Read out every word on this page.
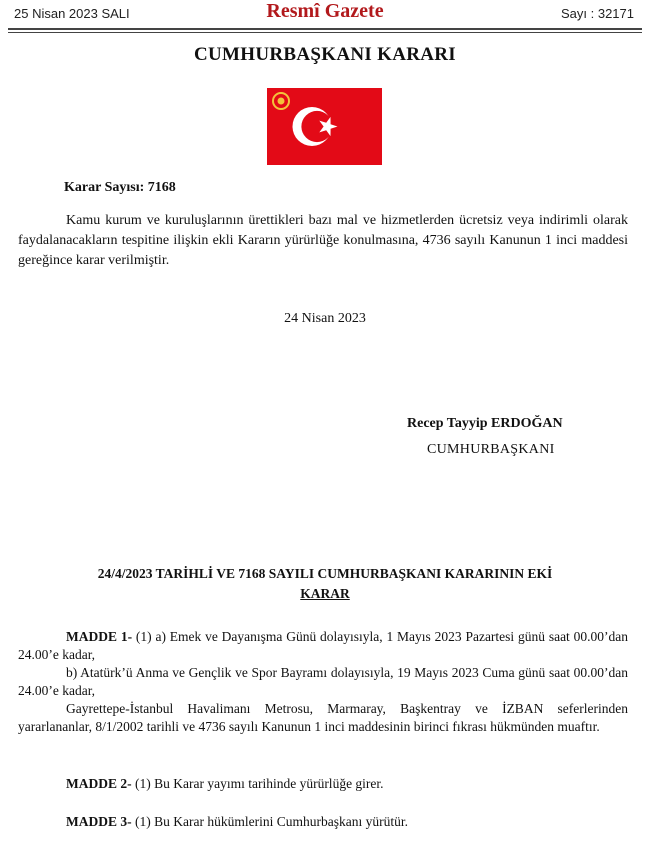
25 Nisan 2023 SALI	Resmî Gazete	Sayı : 32171
CUMHURBAŞKANI KARARI
Karar Sayısı: 7168
Kamu kurum ve kuruluşlarının ürettikleri bazı mal ve hizmetlerden ücretsiz veya indirimli olarak faydalanacakların tespitine ilişkin ekli Kararın yürürlüğe konulmasına, 4736 sayılı Kanunun 1 inci maddesi gereğince karar verilmiştir.
24 Nisan 2023
Recep Tayyip ERDOĞAN
CUMHURBAŞKANI
24/4/2023 TARİHLİ VE 7168 SAYILI CUMHURBAŞKANI KARARININ EKİ
KARAR

MADDE 1- (1) a) Emek ve Dayanışma Günü dolayısıyla, 1 Mayıs 2023 Pazartesi günü saat 00.00’dan 24.00’e kadar,

b) Atatürk’ü Anma ve Gençlik ve Spor Bayramı dolayısıyla, 19 Mayıs 2023 Cuma günü saat 00.00’dan 24.00’e kadar,

Gayrettepe-İstanbul Havalimanı Metrosu, Marmaray, Başkentray ve İZBAN seferlerinden yararlananlar, 8/1/2002 tarihli ve 4736 sayılı Kanunun 1 inci maddesinin birinci fıkrası hükmünden muaftır.

MADDE 2- (1) Bu Karar yayımı tarihinde yürürlüğe girer.

MADDE 3- (1) Bu Karar hükümlerini Cumhurbaşkanı yürütür.
